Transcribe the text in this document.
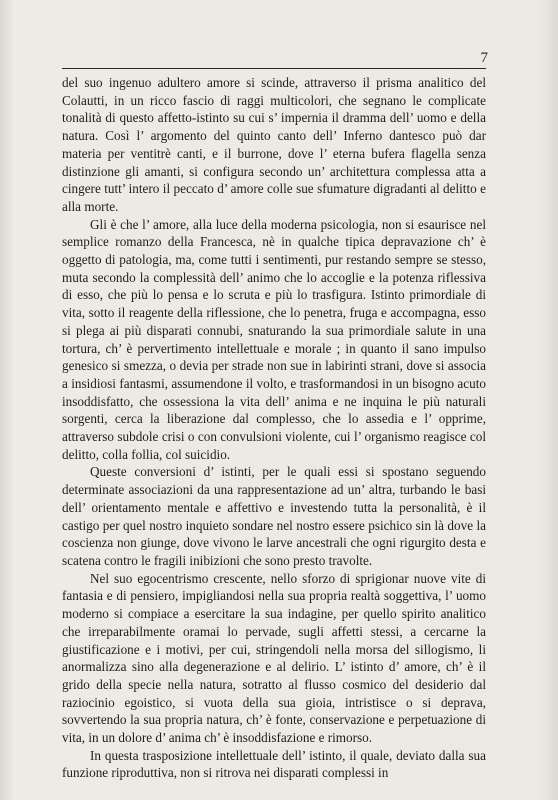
7

del suo ingenuo adultero amore si scinde, attraverso il prisma analitico del Colautti, in un ricco fascio di raggi multicolori, che segnano le complicate tonalità di questo affetto-istinto su cui s’ impernia il dramma dell’ uomo e della natura. Così l’ argomento del quinto canto dell’ Inferno dantesco può dar materia per ventitrè canti, e il burrone, dove l’ eterna bufera flagella senza distinzione gli amanti, si configura secondo un’ architettura complessa atta a cingere tutt’ intero il peccato d’ amore colle sue sfumature digradanti al delitto e alla morte.

Gli è che l’ amore, alla luce della moderna psicologia, non si esaurisce nel semplice romanzo della Francesca, nè in qualche tipica depravazione ch’ è oggetto di patologia, ma, come tutti i sentimenti, pur restando sempre se stesso, muta secondo la complessità dell’ animo che lo accoglie e la potenza riflessiva di esso, che più lo pensa e lo scruta e più lo trasfigura. Istinto primordiale di vita, sotto il reagente della riflessione, che lo penetra, fruga e accompagna, esso si plega ai più disparati connubi, snaturando la sua primordiale salute in una tortura, ch’ è pervertimento intellettuale e morale ; in quanto il sano impulso genesico si smezza, o devia per strade non sue in labirinti strani, dove si associa a insidiosi fantasmi, assumendone il volto, e trasformandosi in un bisogno acuto insoddisfatto, che ossessiona la vita dell’ anima e ne inquina le più naturali sorgenti, cerca la liberazione dal complesso, che lo assedia e l’ opprime, attraverso subdole crisi o con convulsioni violente, cui l’ organismo reagisce col delitto, colla follia, col suicidio.

Queste conversioni d’ istinti, per le quali essi si spostano seguendo determinate associazioni da una rappresentazione ad un’ altra, turbando le basi dell’ orientamento mentale e affettivo e investendo tutta la personalità, è il castigo per quel nostro inquieto sondare nel nostro essere psichico sin là dove la coscienza non giunge, dove vivono le larve ancestrali che ogni rigurgito desta e scatena contro le fragili inibizioni che sono presto travolte.

Nel suo egocentrismo crescente, nello sforzo di sprigionar nuove vite di fantasia e di pensiero, impigliandosi nella sua propria realtà soggettiva, l’ uomo moderno si compiace a esercitare la sua indagine, per quello spirito analitico che irreparabilmente oramai lo pervade, sugli affetti stessi, a cercarne la giustificazione e i motivi, per cui, stringendoli nella morsa del sillogismo, li anormalizza sino alla degenerazione e al delirio. L’ istinto d’ amore, ch’ è il grido della specie nella natura, sotratto al flusso cosmico del desiderio dal raziocinio egoistico, si vuota della sua gioia, intristisce o si deprava, sovvertendo la sua propria natura, ch’ è fonte, conservazione e perpetuazione di vita, in un dolore d’ anima ch’ è insoddisfazione e rimorso.

In questa trasposizione intellettuale dell’ istinto, il quale, deviato dalla sua funzione riproduttiva, non si ritrova nei disparati complessi in
